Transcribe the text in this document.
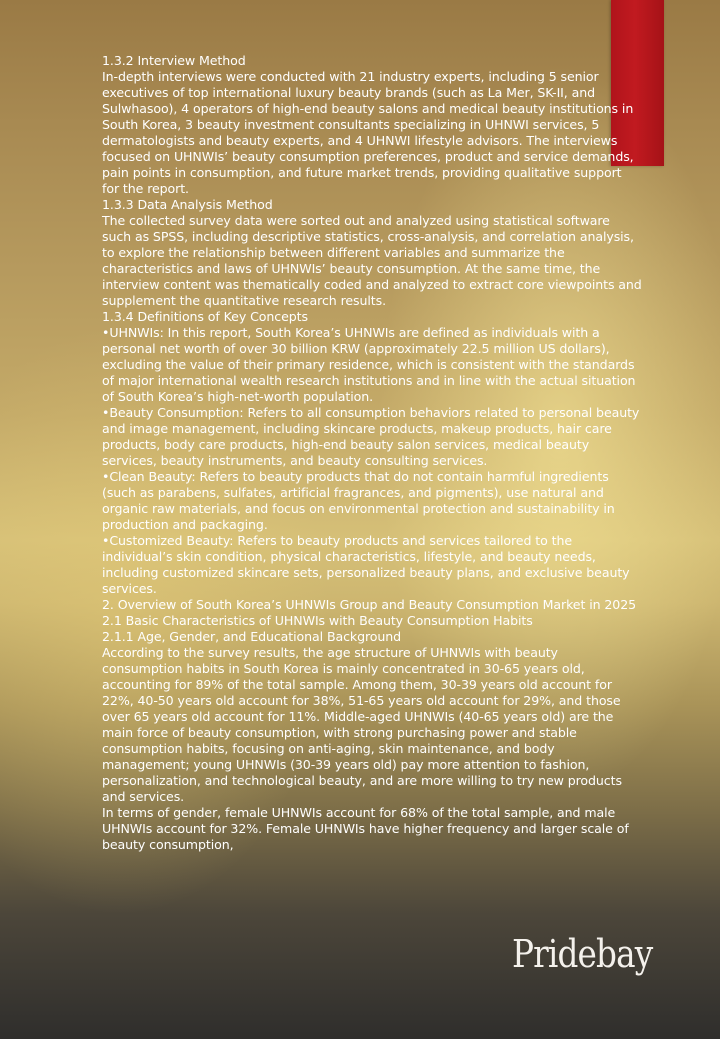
1.3.2 Interview Method

In-depth interviews were conducted with 21 industry experts, including 5 senior executives of top international luxury beauty brands (such as La Mer, SK-II, and Sulwhasoo), 4 operators of high-end beauty salons and medical beauty institutions in South Korea, 3 beauty investment consultants specializing in UHNWI services, 5 dermatologists and beauty experts, and 4 UHNWI lifestyle advisors. The interviews focused on UHNWIs’ beauty consumption preferences, product and service demands, pain points in consumption, and future market trends, providing qualitative support for the report.

1.3.3 Data Analysis Method

The collected survey data were sorted out and analyzed using statistical software such as SPSS, including descriptive statistics, cross-analysis, and correlation analysis, to explore the relationship between different variables and summarize the characteristics and laws of UHNWIs’ beauty consumption. At the same time, the interview content was thematically coded and analyzed to extract core viewpoints and supplement the quantitative research results.

1.3.4 Definitions of Key Concepts

•UHNWIs: In this report, South Korea’s UHNWIs are defined as individuals with a personal net worth of over 30 billion KRW (approximately 22.5 million US dollars), excluding the value of their primary residence, which is consistent with the standards of major international wealth research institutions and in line with the actual situation of South Korea’s high-net-worth population.

•Beauty Consumption: Refers to all consumption behaviors related to personal beauty and image management, including skincare products, makeup products, hair care products, body care products, high-end beauty salon services, medical beauty services, beauty instruments, and beauty consulting services.

•Clean Beauty: Refers to beauty products that do not contain harmful ingredients (such as parabens, sulfates, artificial fragrances, and pigments), use natural and organic raw materials, and focus on environmental protection and sustainability in production and packaging.

•Customized Beauty: Refers to beauty products and services tailored to the individual’s skin condition, physical characteristics, lifestyle, and beauty needs, including customized skincare sets, personalized beauty plans, and exclusive beauty services.

2. Overview of South Korea’s UHNWIs Group and Beauty Consumption Market in 2025

2.1 Basic Characteristics of UHNWIs with Beauty Consumption Habits

2.1.1 Age, Gender, and Educational Background

According to the survey results, the age structure of UHNWIs with beauty consumption habits in South Korea is mainly concentrated in 30-65 years old, accounting for 89% of the total sample. Among them, 30-39 years old account for 22%, 40-50 years old account for 38%, 51-65 years old account for 29%, and those over 65 years old account for 11%. Middle-aged UHNWIs (40-65 years old) are the main force of beauty consumption, with strong purchasing power and stable consumption habits, focusing on anti-aging, skin maintenance, and body management; young UHNWIs (30-39 years old) pay more attention to fashion, personalization, and technological beauty, and are more willing to try new products and services.

In terms of gender, female UHNWIs account for 68% of the total sample, and male UHNWIs account for 32%. Female UHNWIs have higher frequency and larger scale of beauty consumption,

Pridebay
